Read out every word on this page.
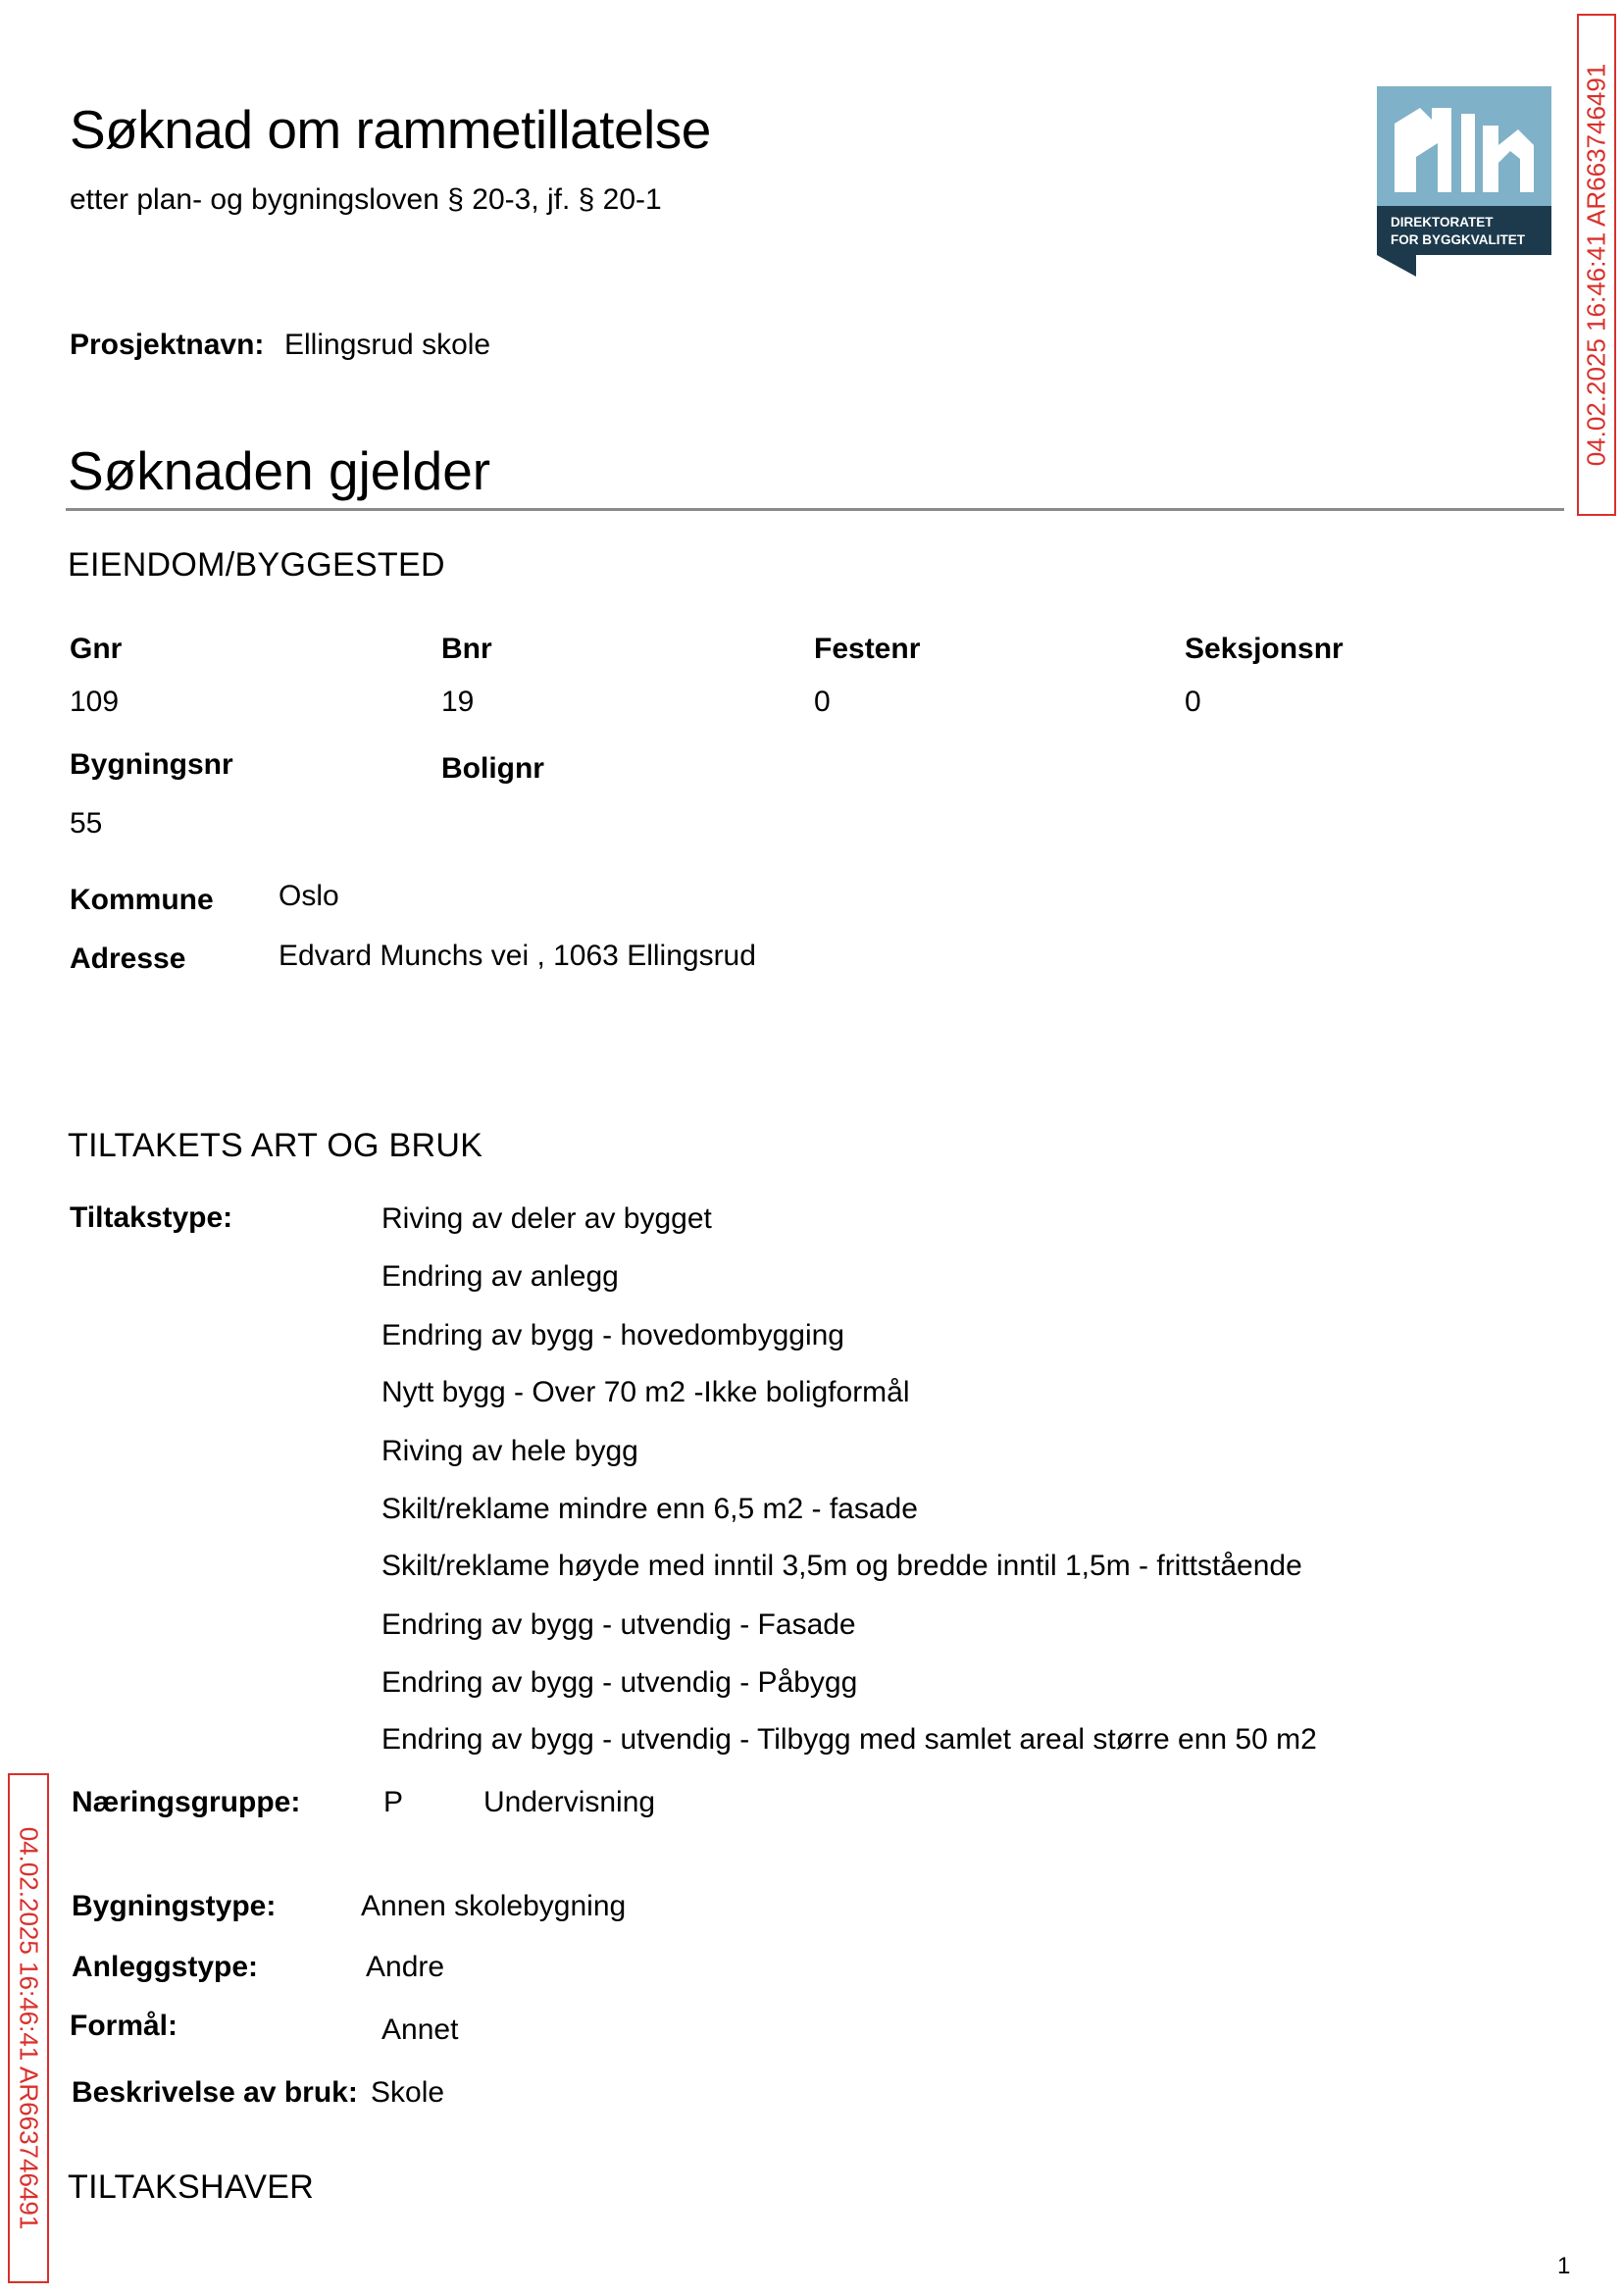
Søknad om rammetillatelse
etter plan- og bygningsloven § 20-3, jf. § 20-1
DIREKTORATET
FOR BYGGKVALITET 04.02.2025 16:46:41 AR663746491
04.02.2025 16:46:41 AR663746491
Prosjektnavn: Ellingsrud skole
Søknaden gjelder
EIENDOM/BYGGESTED
Gnr	Bnr	Festenr	Seksjonsnr
109	19	0	0
Bygningsnr	Bolignr
55
Kommune Oslo
Adresse	Edvard Munchs vei , 1063 Ellingsrud
TILTAKETS ART OG BRUK
Tiltakstype:	Riving av deler av bygget
Endring av anlegg
Endring av bygg - hovedombygging
Nytt bygg - Over 70 m2 -Ikke boligformål
Riving av hele bygg
Skilt/reklame mindre enn 6,5 m2 - fasade
Skilt/reklame høyde med inntil 3,5m og bredde inntil 1,5m - frittstående
Endring av bygg - utvendig - Fasade
Endring av bygg - utvendig - Påbygg
Endring av bygg - utvendig - Tilbygg med samlet areal større enn 50 m2
Næringsgruppe:	P	Undervisning
Bygningstype:	Annen skolebygning
Anleggstype:	Andre
Formål:	Annet
Beskrivelse av bruk: Skole
TILTAKSHAVER
1
